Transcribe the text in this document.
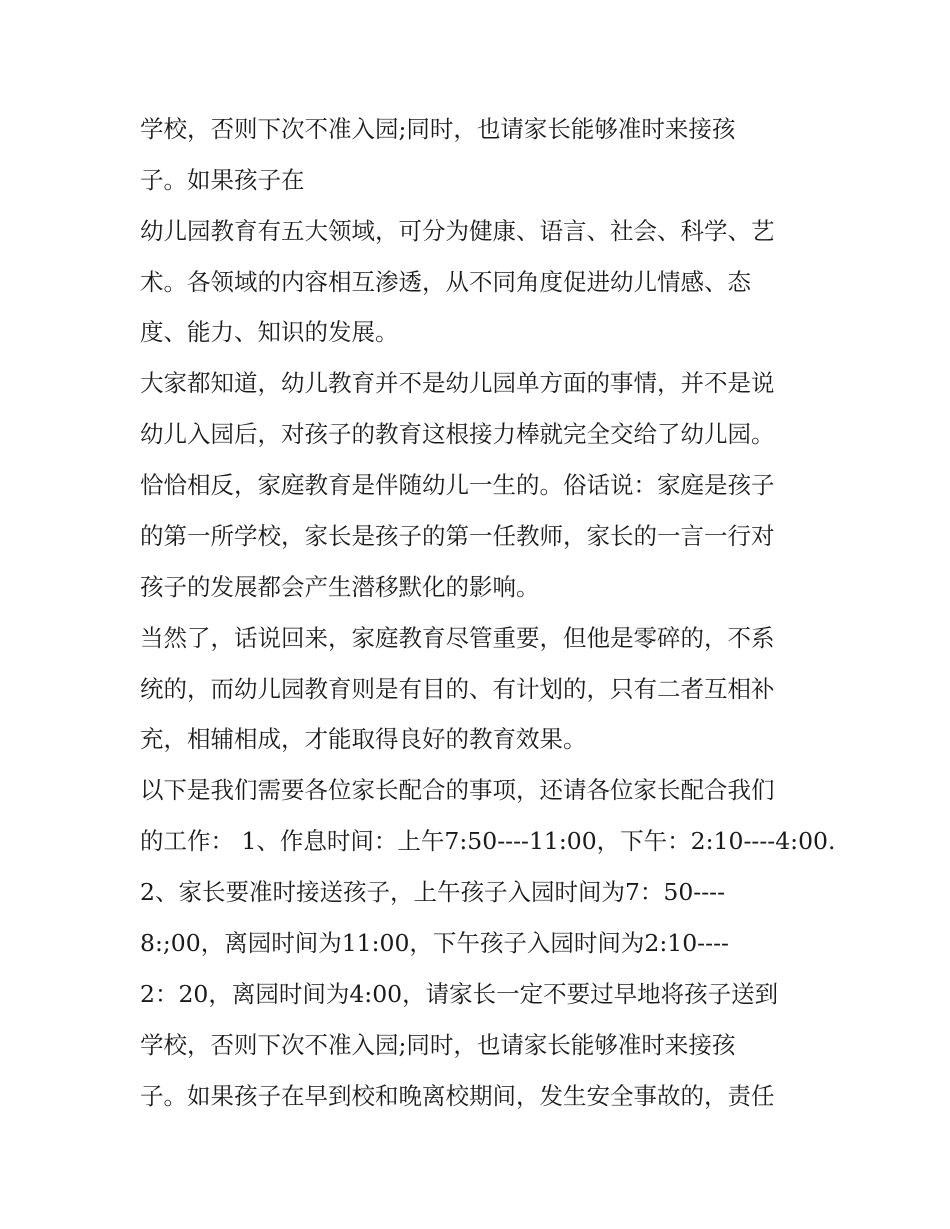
学校，否则下次不准入园;同时，也请家长能够准时来接孩
子。如果孩子在
幼儿园教育有五大领域，可分为健康、语言、社会、科学、艺
术。各领域的内容相互渗透，从不同角度促进幼儿情感、态
度、能力、知识的发展。
大家都知道，幼儿教育并不是幼儿园单方面的事情，并不是说
幼儿入园后，对孩子的教育这根接力棒就完全交给了幼儿园。
恰恰相反，家庭教育是伴随幼儿一生的。俗话说：家庭是孩子
的第一所学校，家长是孩子的第一任教师，家长的一言一行对
孩子的发展都会产生潜移默化的影响。
当然了，话说回来，家庭教育尽管重要，但他是零碎的，不系
统的，而幼儿园教育则是有目的、有计划的，只有二者互相补
充，相辅相成，才能取得良好的教育效果。
以下是我们需要各位家长配合的事项，还请各位家长配合我们
的工作： 1、作息时间：上午7:50----11:00，下午：2:10----4:00.
2、家长要准时接送孩子，上午孩子入园时间为7：50----
8:;00，离园时间为11:00，下午孩子入园时间为2:10----
2：20，离园时间为4:00，请家长一定不要过早地将孩子送到
学校，否则下次不准入园;同时，也请家长能够准时来接孩
子。如果孩子在早到校和晚离校期间，发生安全事故的，责任
